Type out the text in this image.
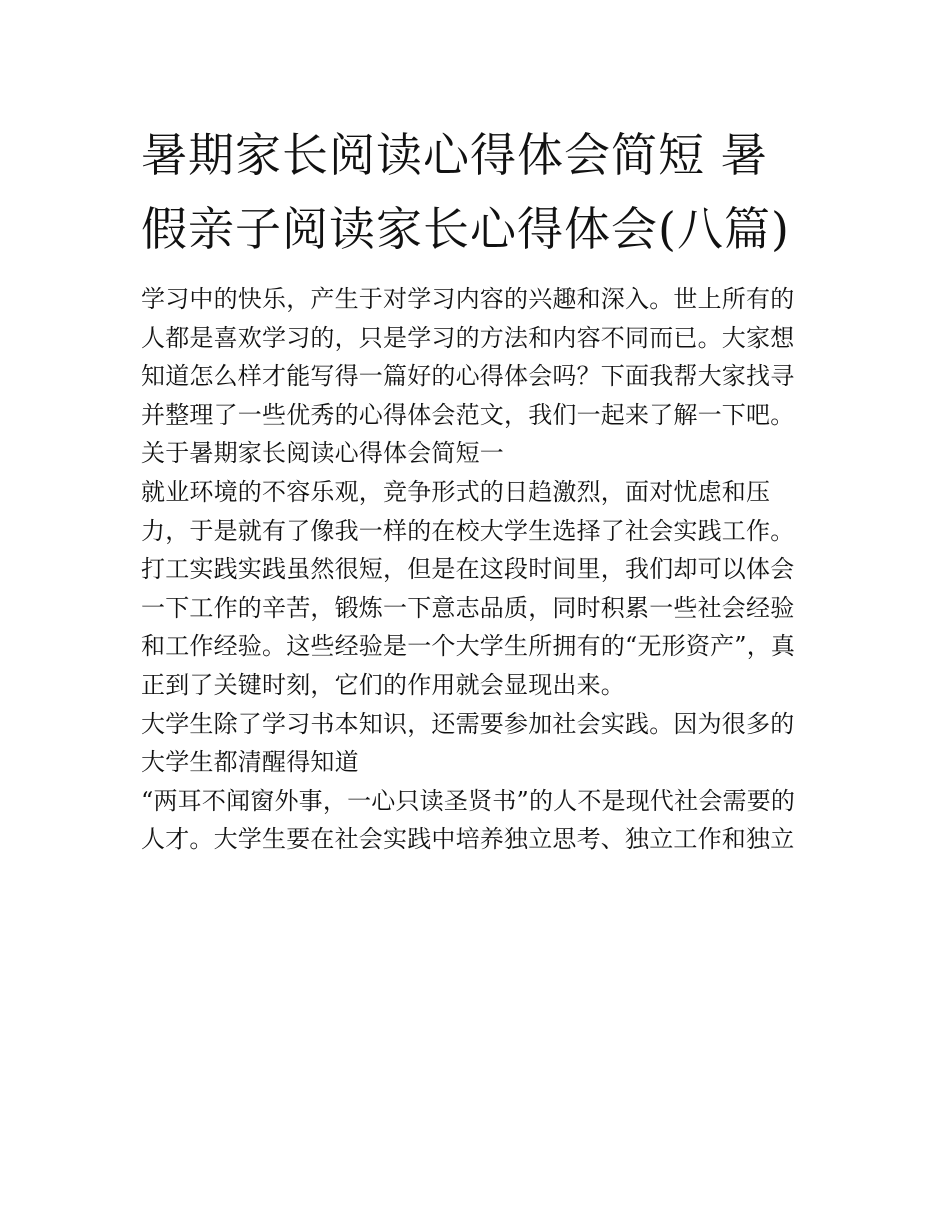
暑期家长阅读心得体会简短 暑假亲子阅读家长心得体会(八篇)

学习中的快乐，产生于对学习内容的兴趣和深入。世上所有的
人都是喜欢学习的，只是学习的方法和内容不同而已。大家想
知道怎么样才能写得一篇好的心得体会吗？下面我帮大家找寻
并整理了一些优秀的心得体会范文，我们一起来了解一下吧。

关于暑期家长阅读心得体会简短一

就业环境的不容乐观，竞争形式的日趋激烈，面对忧虑和压
力，于是就有了像我一样的在校大学生选择了社会实践工作。
打工实践实践虽然很短，但是在这段时间里，我们却可以体会
一下工作的辛苦，锻炼一下意志品质，同时积累一些社会经验
和工作经验。这些经验是一个大学生所拥有的“无形资产”，真
正到了关键时刻，它们的作用就会显现出来。

大学生除了学习书本知识，还需要参加社会实践。因为很多的
大学生都清醒得知道

“两耳不闻窗外事，一心只读圣贤书”的人不是现代社会需要的
人才。大学生要在社会实践中培养独立思考、独立工作和独立
